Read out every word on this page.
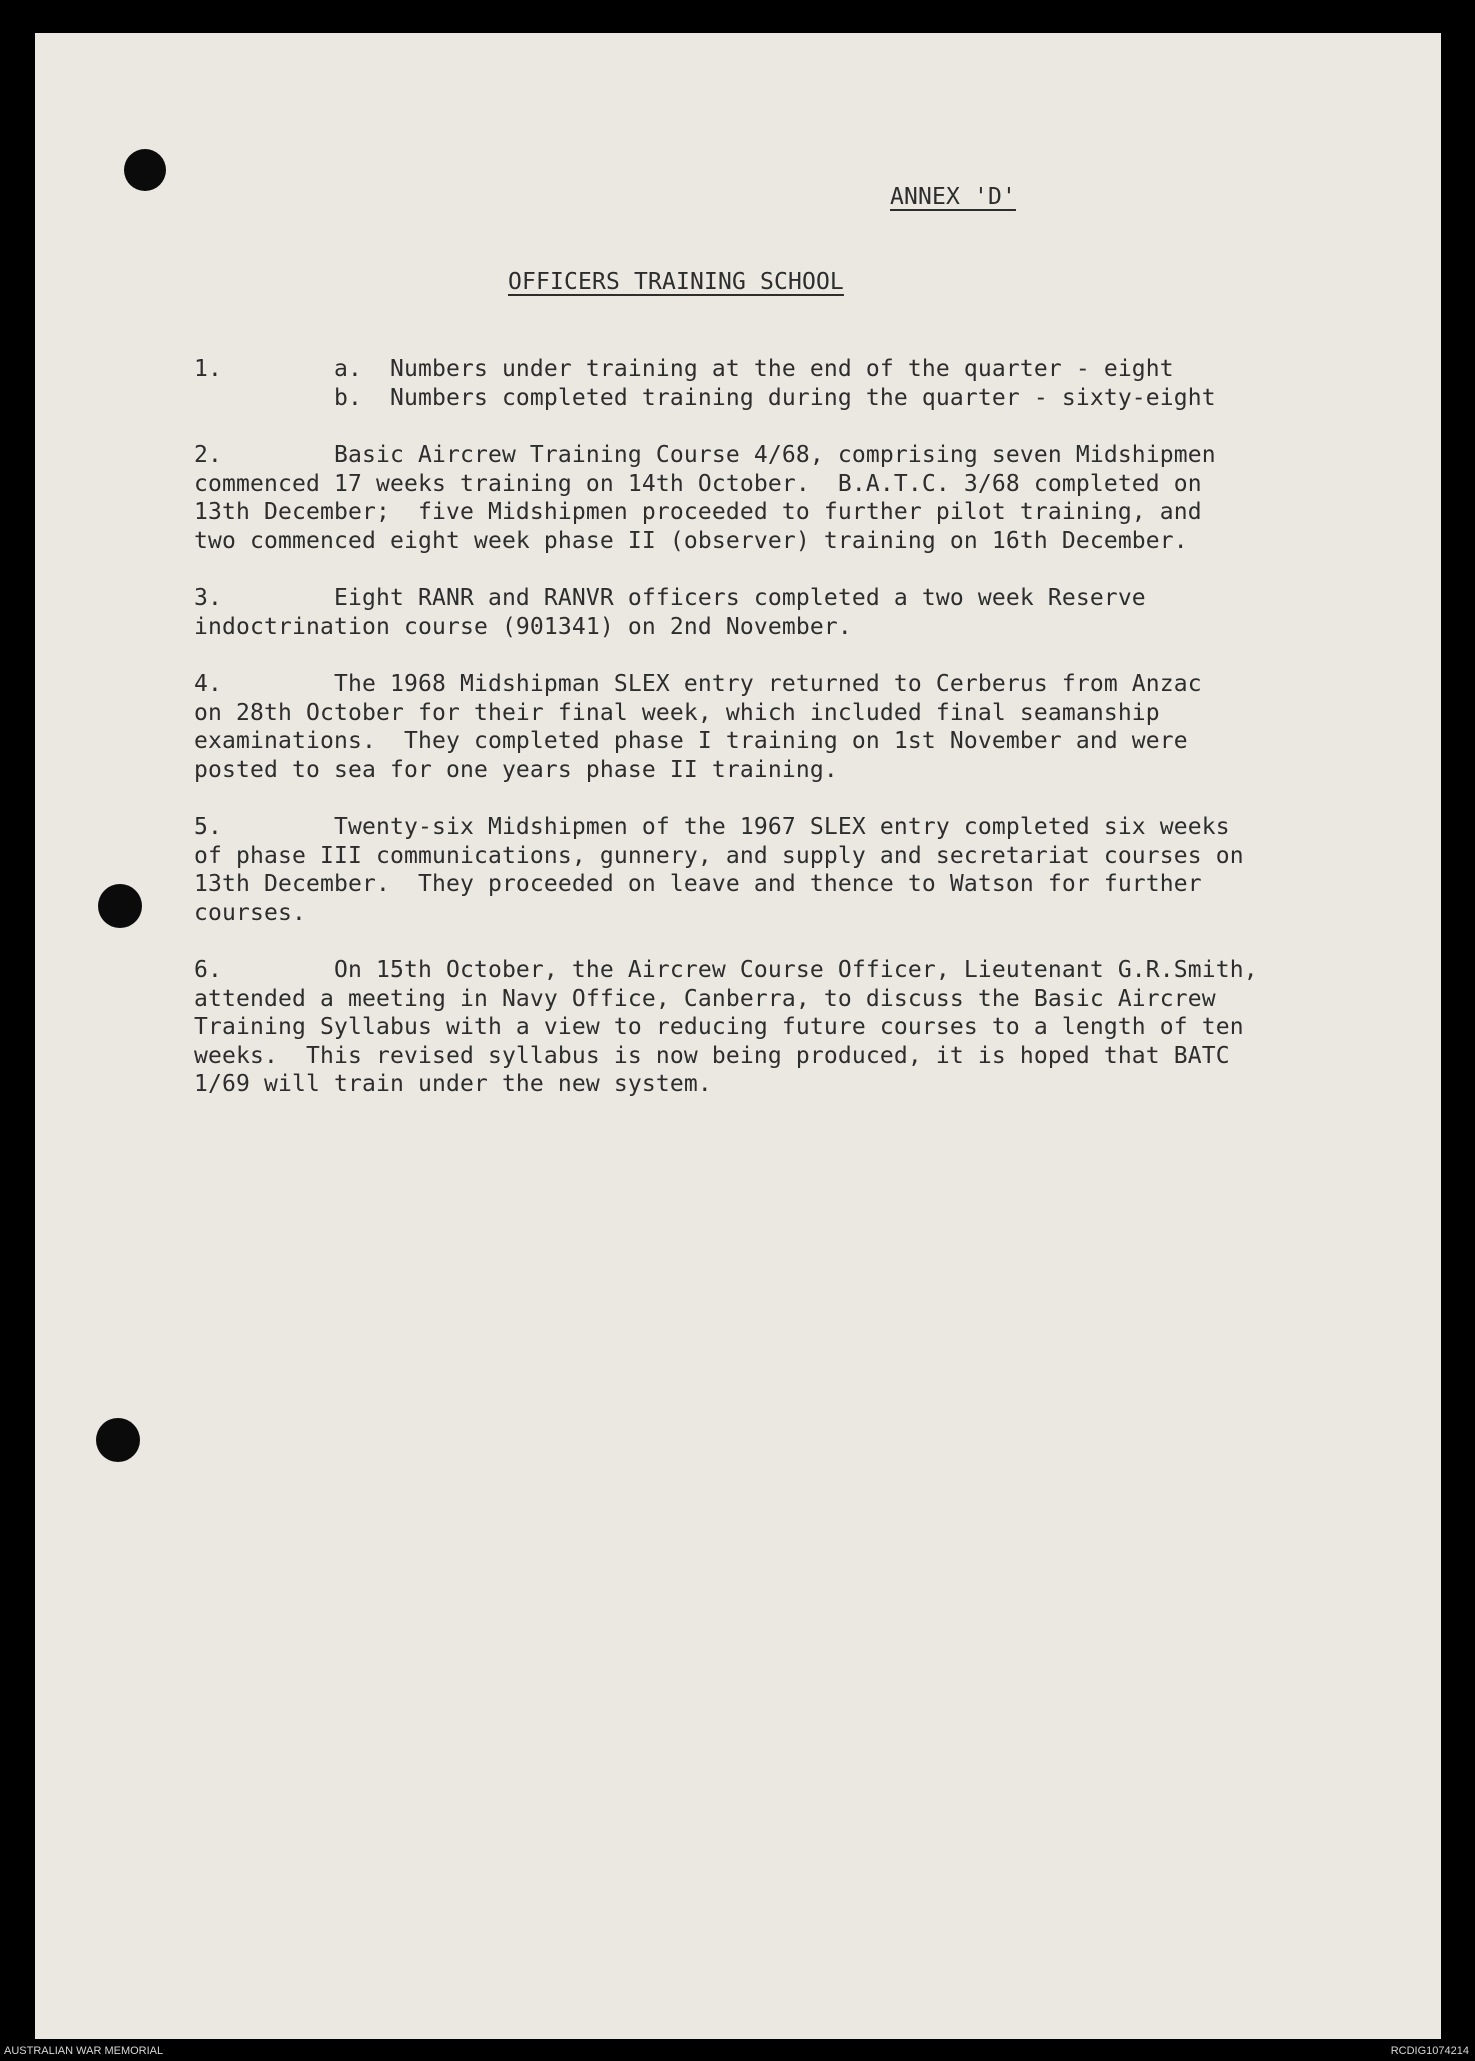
ANNEX 'D'
OFFICERS TRAINING SCHOOL
1.        a.  Numbers under training at the end of the quarter - eight
b.  Numbers completed training during the quarter - sixty-eight
2.        Basic Aircrew Training Course 4/68, comprising seven Midshipmen
commenced 17 weeks training on 14th October.  B.A.T.C. 3/68 completed on
13th December;  five Midshipmen proceeded to further pilot training, and
two commenced eight week phase II (observer) training on 16th December.
3.        Eight RANR and RANVR officers completed a two week Reserve
indoctrination course (901341) on 2nd November.
4.        The 1968 Midshipman SLEX entry returned to Cerberus from Anzac
on 28th October for their final week, which included final seamanship
examinations.  They completed phase I training on 1st November and were
posted to sea for one years phase II training.
5.        Twenty-six Midshipmen of the 1967 SLEX entry completed six weeks
of phase III communications, gunnery, and supply and secretariat courses on
13th December.  They proceeded on leave and thence to Watson for further
courses.
6.        On 15th October, the Aircrew Course Officer, Lieutenant G.R.Smith,
attended a meeting in Navy Office, Canberra, to discuss the Basic Aircrew
Training Syllabus with a view to reducing future courses to a length of ten
weeks.  This revised syllabus is now being produced, it is hoped that BATC
1/69 will train under the new system.
AUSTRALIAN WAR MEMORIAL	RCDIG1074214
